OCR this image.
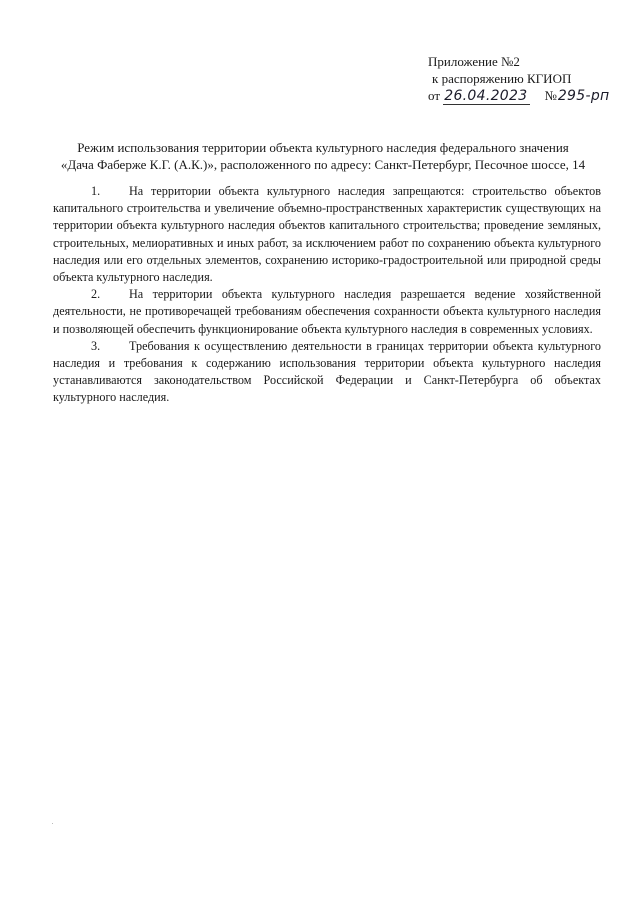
Приложение №2
к распоряжению КГИОП
от 26.04.2023 №295-рп
Режим использования территории объекта культурного наследия федерального значения
«Дача Фаберже К.Г. (А.К.)», расположенного по адресу: Санкт-Петербург, Песочное шоссе, 14

1. На территории объекта культурного наследия запрещаются: строительство объектов капитального строительства и увеличение объемно-пространственных характеристик существующих на территории объекта культурного наследия объектов капитального строительства; проведение земляных, строительных, мелиоративных и иных работ, за исключением работ по сохранению объекта культурного наследия или его отдельных элементов, сохранению историко-градостроительной или природной среды объекта культурного наследия.

2. На территории объекта культурного наследия разрешается ведение хозяйственной деятельности, не противоречащей требованиям обеспечения сохранности объекта культурного наследия и позволяющей обеспечить функционирование объекта культурного наследия в современных условиях.

3. Требования к осуществлению деятельности в границах территории объекта культурного наследия и требования к содержанию использования территории объекта культурного наследия устанавливаются законодательством Российской Федерации и Санкт-Петербурга об объектах культурного наследия.
